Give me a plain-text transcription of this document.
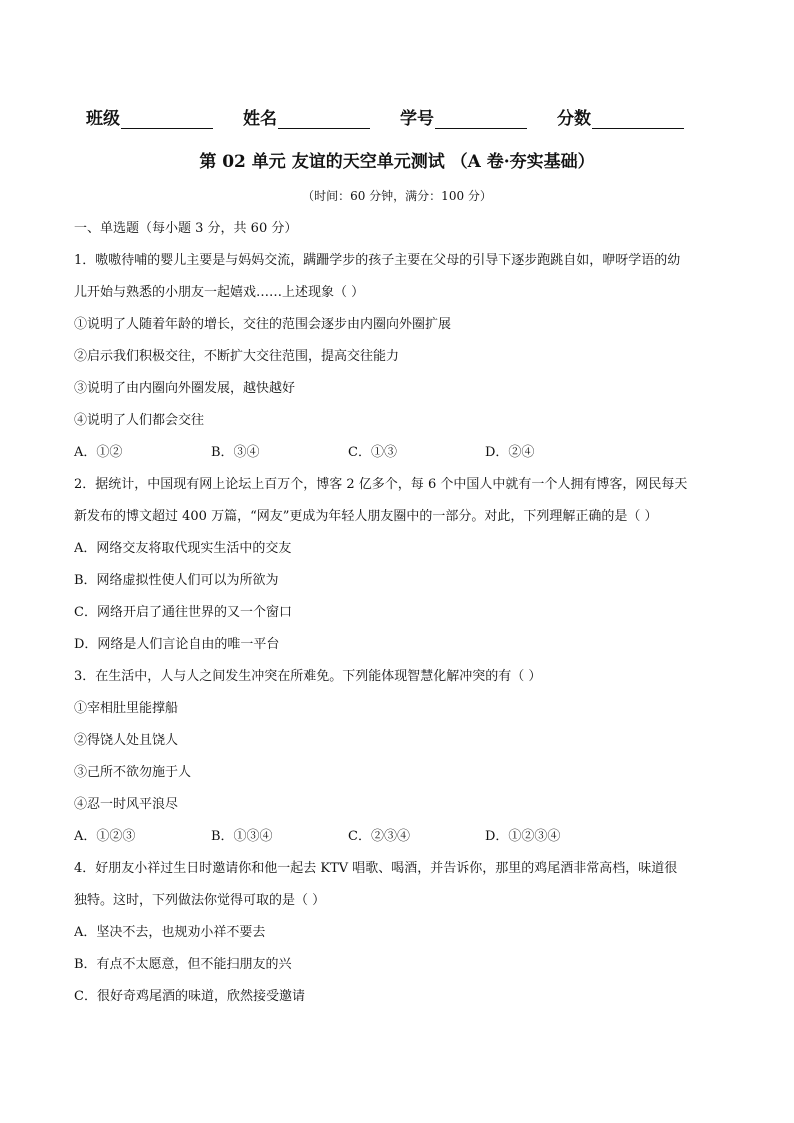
班级	姓名	学号	分数
第 02 单元 友谊的天空单元测试 （A 卷·夯实基础）
（时间：60 分钟，满分：100 分）
一、单选题（每小题 3 分，共 60 分）
1．嗷嗷待哺的婴儿主要是与妈妈交流，蹒跚学步的孩子主要在父母的引导下逐步跑跳自如，咿呀学语的幼
儿开始与熟悉的小朋友一起嬉戏……上述现象（ ）
①说明了人随着年龄的增长，交往的范围会逐步由内圈向外圈扩展
②启示我们积极交往，不断扩大交往范围，提高交往能力
③说明了由内圈向外圈发展，越快越好
④说明了人们都会交往
A．①②	B．③④	C．①③	D．②④
2．据统计，中国现有网上论坛上百万个，博客 2 亿多个，每 6 个中国人中就有一个人拥有博客，网民每天
新发布的博文超过 400 万篇，“网友”更成为年轻人朋友圈中的一部分。对此，下列理解正确的是（ ）
A．网络交友将取代现实生活中的交友
B．网络虚拟性使人们可以为所欲为
C．网络开启了通往世界的又一个窗口
D．网络是人们言论自由的唯一平台
3．在生活中，人与人之间发生冲突在所难免。下列能体现智慧化解冲突的有（ ）
①宰相肚里能撑船
②得饶人处且饶人
③己所不欲勿施于人
④忍一时风平浪尽
A．①②③	B．①③④	C．②③④	D．①②③④
4．好朋友小祥过生日时邀请你和他一起去 KTV 唱歌、喝酒，并告诉你，那里的鸡尾酒非常高档，味道很
独特。这时，下列做法你觉得可取的是（ ）
A．坚决不去，也规劝小祥不要去
B．有点不太愿意，但不能扫朋友的兴
C．很好奇鸡尾酒的味道，欣然接受邀请
